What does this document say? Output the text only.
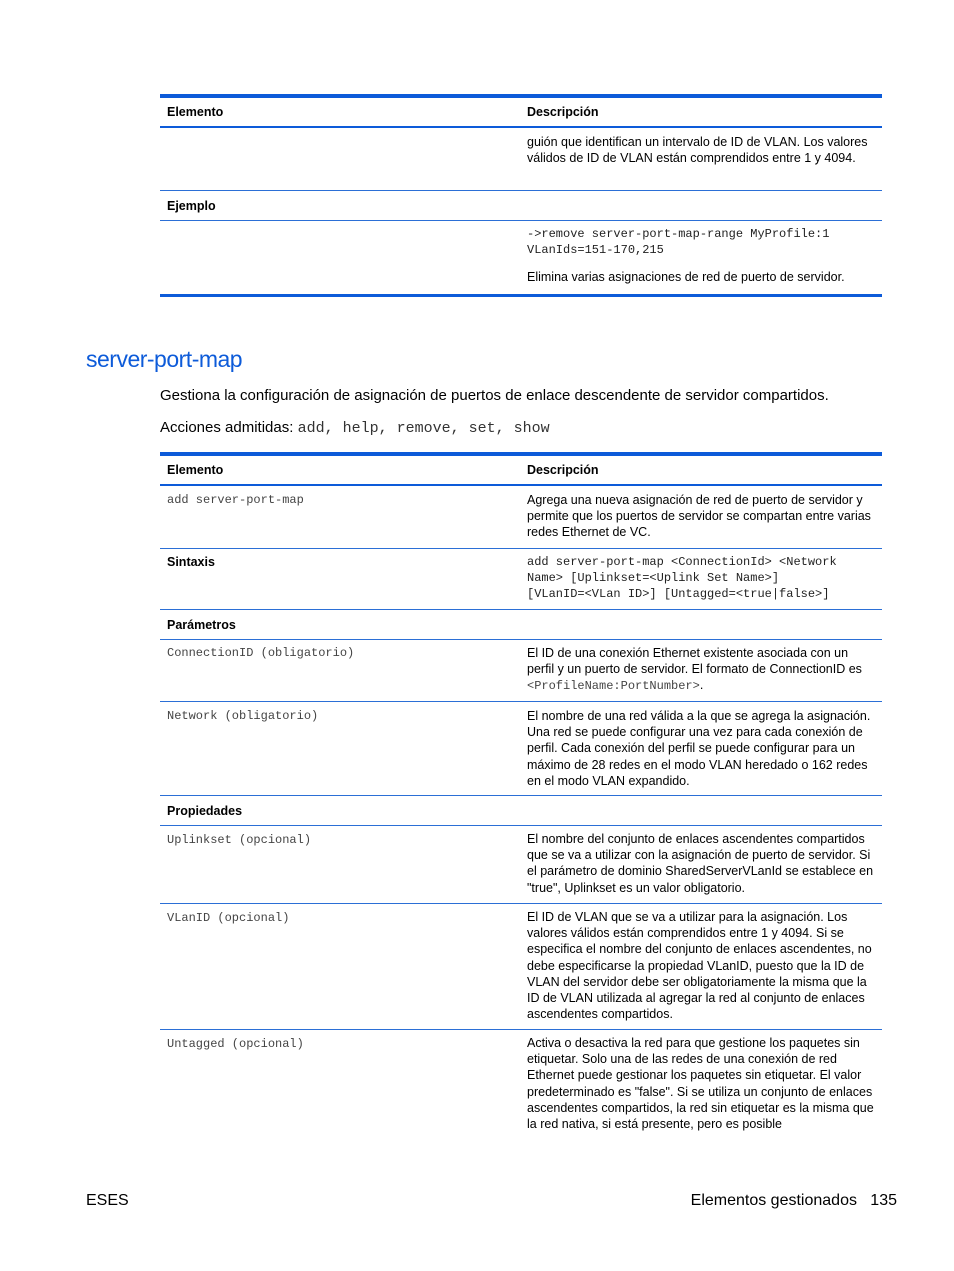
Elemento	Descripción
guión que identifican un intervalo de ID de VLAN. Los valores válidos de ID de VLAN están comprendidos entre 1 y 4094.
Ejemplo
->remove server-port-map-range MyProfile:1
VLanIds=151-170,215
Elimina varias asignaciones de red de puerto de servidor.
server-port-map
Gestiona la configuración de asignación de puertos de enlace descendente de servidor compartidos.
Acciones admitidas: add, help, remove, set, show
Elemento	Descripción
add server-port-map	Agrega una nueva asignación de red de puerto de servidor y permite que los puertos de servidor se compartan entre varias redes Ethernet de VC.
Sintaxis	add server-port-map <ConnectionId> <Network
Name> [Uplinkset=<Uplink Set Name>]
[VLanID=<VLan ID>] [Untagged=<true|false>]
Parámetros
ConnectionID (obligatorio)	El ID de una conexión Ethernet existente asociada con un perfil y un puerto de servidor. El formato de ConnectionID es <ProfileName:PortNumber>.
Network (obligatorio)	El nombre de una red válida a la que se agrega la asignación. Una red se puede configurar una vez para cada conexión de perfil. Cada conexión del perfil se puede configurar para un máximo de 28 redes en el modo VLAN heredado o 162 redes en el modo VLAN expandido.
Propiedades
Uplinkset (opcional)	El nombre del conjunto de enlaces ascendentes compartidos que se va a utilizar con la asignación de puerto de servidor. Si el parámetro de dominio SharedServerVLanId se establece en "true", Uplinkset es un valor obligatorio.
VLanID (opcional)	El ID de VLAN que se va a utilizar para la asignación. Los valores válidos están comprendidos entre 1 y 4094. Si se especifica el nombre del conjunto de enlaces ascendentes, no debe especificarse la propiedad VLanID, puesto que la ID de VLAN del servidor debe ser obligatoriamente la misma que la ID de VLAN utilizada al agregar la red al conjunto de enlaces ascendentes compartidos.
Untagged (opcional)	Activa o desactiva la red para que gestione los paquetes sin etiquetar. Solo una de las redes de una conexión de red Ethernet puede gestionar los paquetes sin etiquetar. El valor predeterminado es "false". Si se utiliza un conjunto de enlaces ascendentes compartidos, la red sin etiquetar es la misma que la red nativa, si está presente, pero es posible
ESES	Elementos gestionados   135
